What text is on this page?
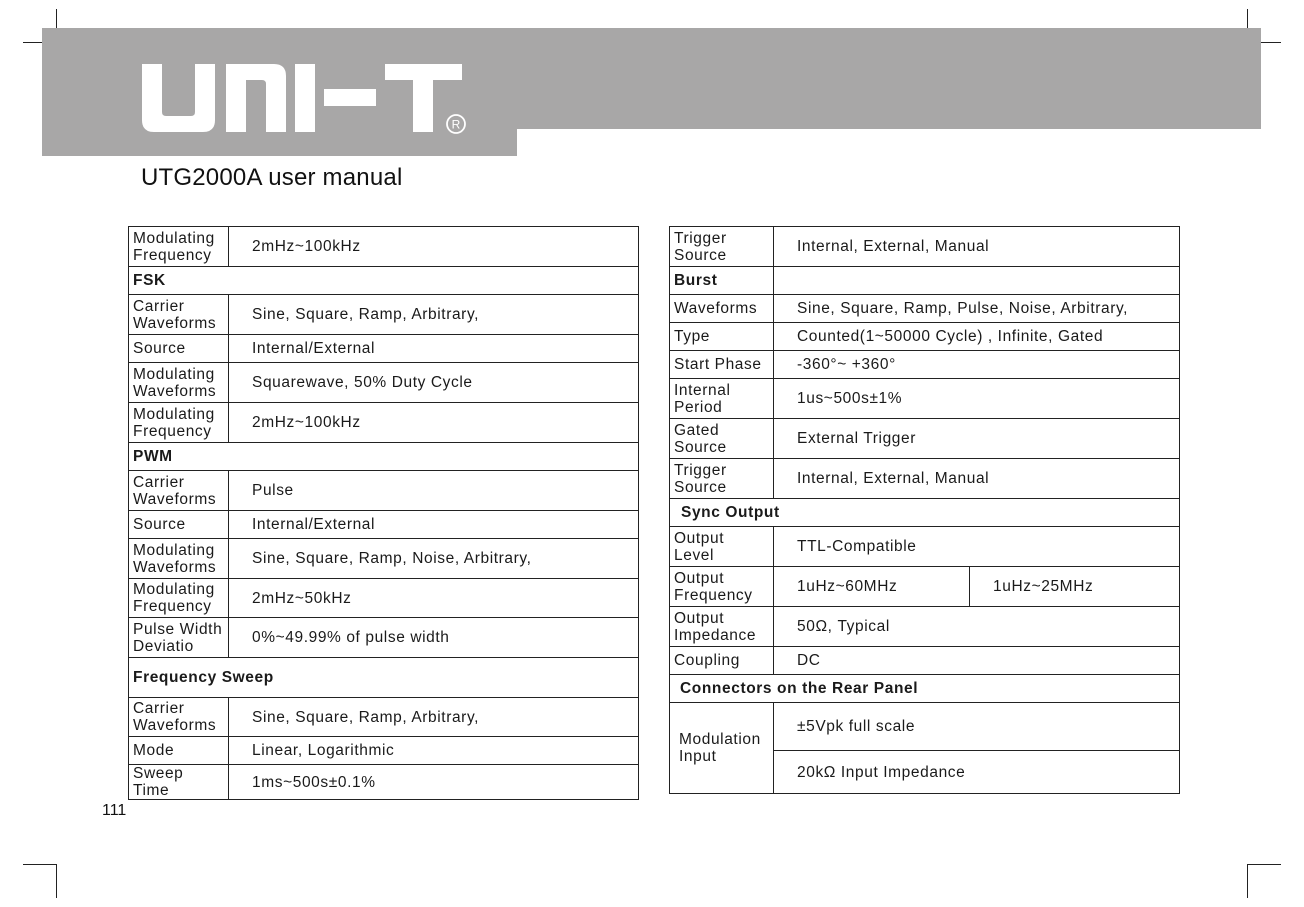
R
UTG2000A user manual
Modulating Frequency	2mHz~100kHz
FSK	
Carrier Waveforms	Sine, Square, Ramp, Arbitrary,
Source	Internal/External
Modulating Waveforms	Squarewave, 50% Duty Cycle
Modulating Frequency	2mHz~100kHz
PWM	
Carrier Waveforms	Pulse
Source	Internal/External
Modulating Waveforms	Sine, Square, Ramp, Noise, Arbitrary,
Modulating Frequency	2mHz~50kHz
Pulse Width Deviatio	0%~49.99% of pulse width
Frequency Sweep	
Carrier Waveforms	Sine, Square, Ramp, Arbitrary,
Mode	Linear, Logarithmic
Sweep Time	1ms~500s±0.1%
Trigger Source	Internal, External, Manual	
Burst		
Waveforms	Sine, Square, Ramp, Pulse, Noise, Arbitrary,	
Type	Counted(1~50000 Cycle) , Infinite, Gated	
Start Phase	-360°~ +360°	
Internal Period	1us~500s±1%	
Gated Source	External Trigger	
Trigger Source	Internal, External, Manual	
Sync Output		
Output Level	TTL-Compatible	
Output Frequency	1uHz~60MHz	1uHz~25MHz
Output Impedance	50Ω, Typical	
Coupling	DC	
Connectors on the Rear Panel		
Modulation Input	±5Vpk full scale	
	20kΩ Input Impedance	
111
